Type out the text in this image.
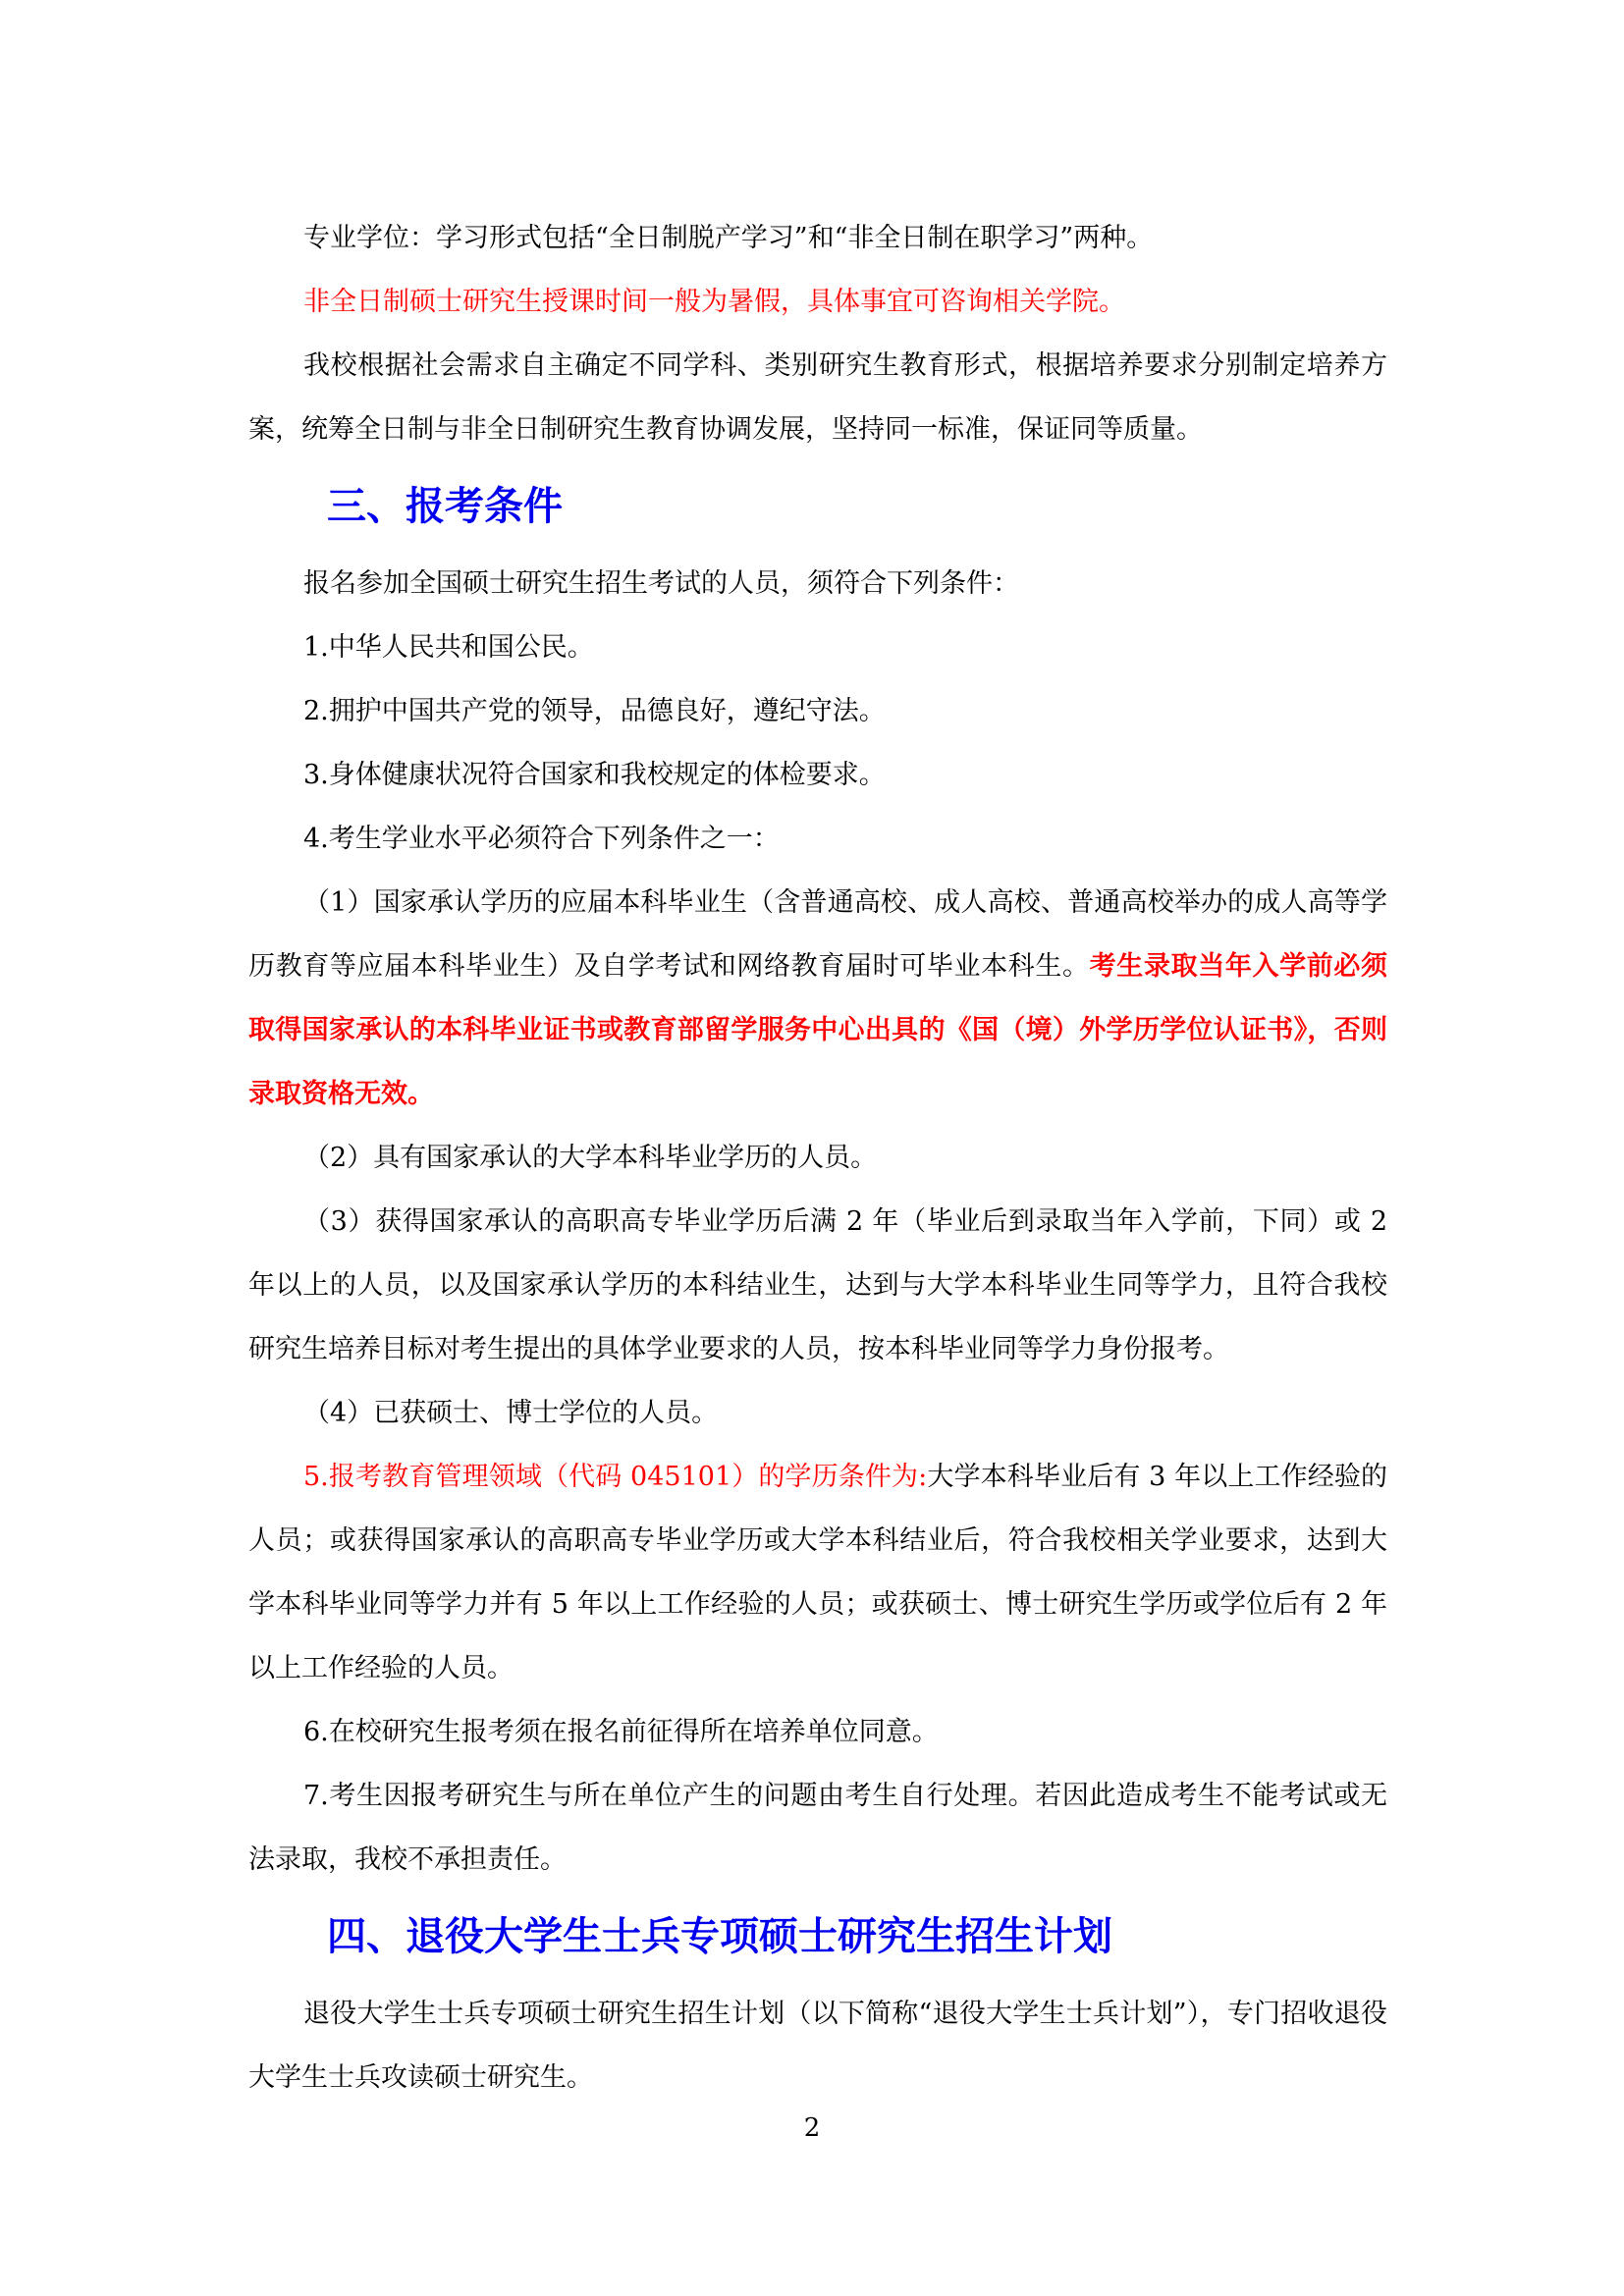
专业学位：学习形式包括“全日制脱产学习”和“非全日制在职学习”两种。

非全日制硕士研究生授课时间一般为暑假，具体事宜可咨询相关学院。

我校根据社会需求自主确定不同学科、类别研究生教育形式，根据培养要求分别制定培养方案，统筹全日制与非全日制研究生教育协调发展，坚持同一标准，保证同等质量。

三、报考条件

报名参加全国硕士研究生招生考试的人员，须符合下列条件：

1.中华人民共和国公民。

2.拥护中国共产党的领导，品德良好，遵纪守法。

3.身体健康状况符合国家和我校规定的体检要求。

4.考生学业水平必须符合下列条件之一：

（1）国家承认学历的应届本科毕业生（含普通高校、成人高校、普通高校举办的成人高等学历教育等应届本科毕业生）及自学考试和网络教育届时可毕业本科生。考生录取当年入学前必须取得国家承认的本科毕业证书或教育部留学服务中心出具的《国（境）外学历学位认证书》，否则录取资格无效。

（2）具有国家承认的大学本科毕业学历的人员。

（3）获得国家承认的高职高专毕业学历后满 2 年（毕业后到录取当年入学前，下同）或 2 年以上的人员，以及国家承认学历的本科结业生，达到与大学本科毕业生同等学力，且符合我校研究生培养目标对考生提出的具体学业要求的人员，按本科毕业同等学力身份报考。

（4）已获硕士、博士学位的人员。

5.报考教育管理领域（代码 045101）的学历条件为:大学本科毕业后有 3 年以上工作经验的人员；或获得国家承认的高职高专毕业学历或大学本科结业后，符合我校相关学业要求，达到大学本科毕业同等学力并有 5 年以上工作经验的人员；或获硕士、博士研究生学历或学位后有 2 年以上工作经验的人员。

6.在校研究生报考须在报名前征得所在培养单位同意。

7.考生因报考研究生与所在单位产生的问题由考生自行处理。若因此造成考生不能考试或无法录取，我校不承担责任。

四、退役大学生士兵专项硕士研究生招生计划

退役大学生士兵专项硕士研究生招生计划（以下简称“退役大学生士兵计划”），专门招收退役大学生士兵攻读硕士研究生。

2
